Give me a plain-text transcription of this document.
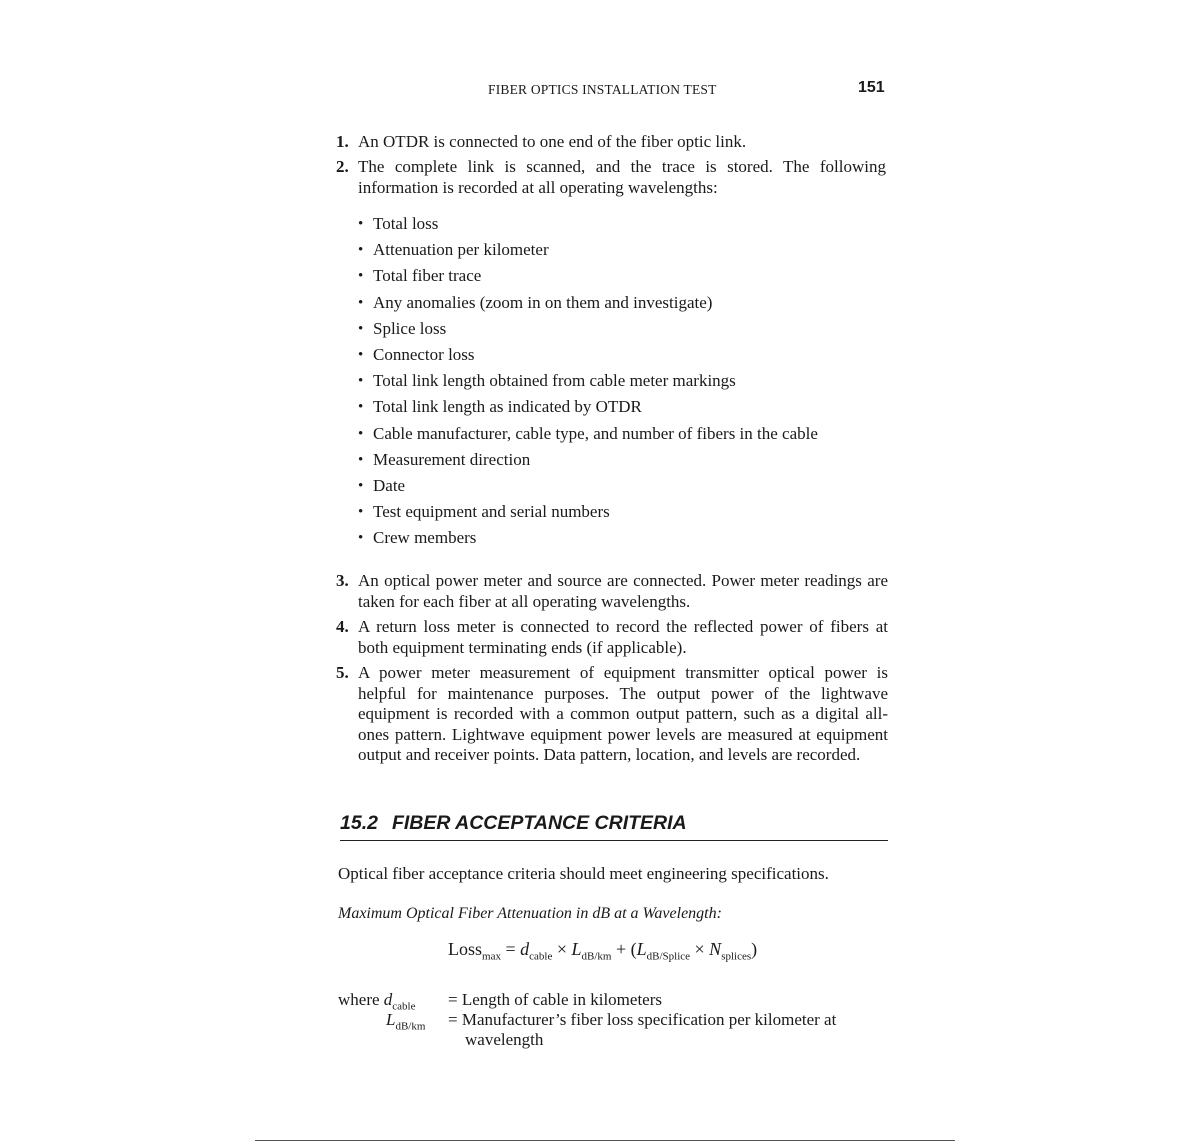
FIBER OPTICS INSTALLATION TEST	151
1. An OTDR is connected to one end of the fiber optic link.
2. The complete link is scanned, and the trace is stored. The following information is recorded at all operating wavelengths:
• Total loss
• Attenuation per kilometer
• Total fiber trace
• Any anomalies (zoom in on them and investigate)
• Splice loss
• Connector loss
• Total link length obtained from cable meter markings
• Total link length as indicated by OTDR
• Cable manufacturer, cable type, and number of fibers in the cable
• Measurement direction
• Date
• Test equipment and serial numbers
• Crew members
3. An optical power meter and source are connected. Power meter readings are taken for each fiber at all operating wavelengths.
4. A return loss meter is connected to record the reflected power of fibers at both equipment terminating ends (if applicable).
5. A power meter measurement of equipment transmitter optical power is helpful for maintenance purposes. The output power of the lightwave equipment is recorded with a common output pattern, such as a digital all-ones pattern. Lightwave equipment power levels are measured at equipment output and receiver points. Data pattern, location, and levels are recorded.
15.2 FIBER ACCEPTANCE CRITERIA
Optical fiber acceptance criteria should meet engineering specifications.
Maximum Optical Fiber Attenuation in dB at a Wavelength:
Loss$_{max}$ = $d_{cable} \times L_{dB/km} + (L_{dB/Splice} \times N_{splices})$
where $d_{cable}$ = Length of cable in kilometers
$L_{dB/km}$ = Manufacturer’s fiber loss specification per kilometer at
wavelength
